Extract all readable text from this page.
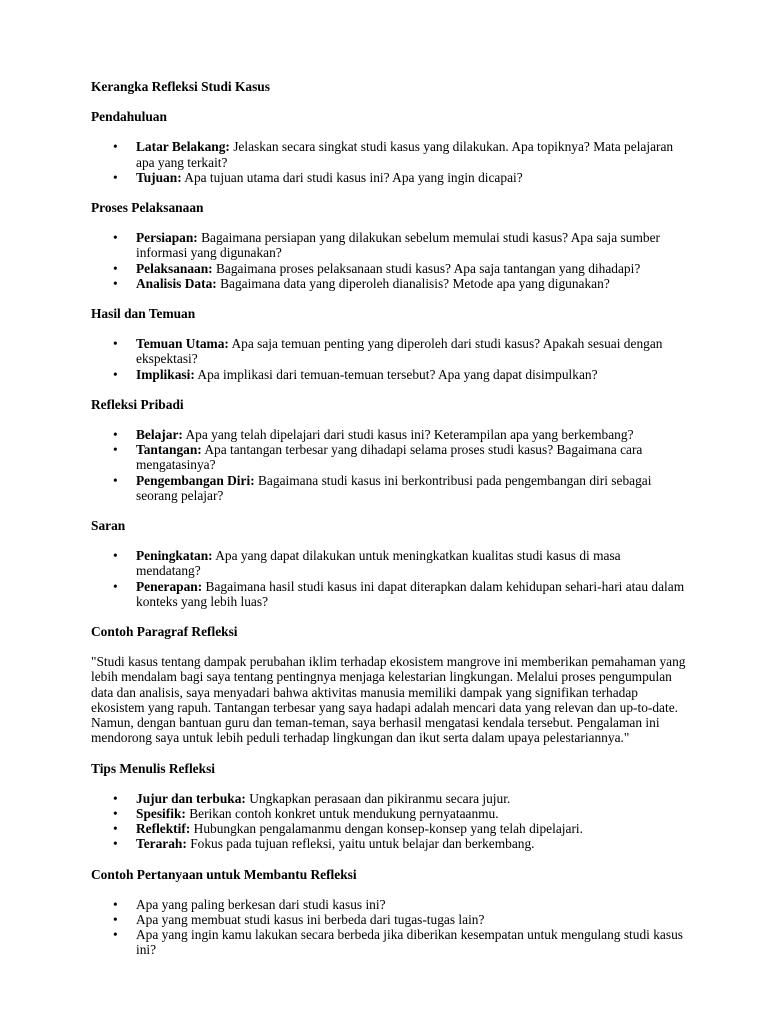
Kerangka Refleksi Studi Kasus
Pendahuluan
• Latar Belakang: Jelaskan secara singkat studi kasus yang dilakukan. Apa topiknya? Mata pelajaran apa yang terkait?
• Tujuan: Apa tujuan utama dari studi kasus ini? Apa yang ingin dicapai?
Proses Pelaksanaan
• Persiapan: Bagaimana persiapan yang dilakukan sebelum memulai studi kasus? Apa saja sumber informasi yang digunakan?
• Pelaksanaan: Bagaimana proses pelaksanaan studi kasus? Apa saja tantangan yang dihadapi?
• Analisis Data: Bagaimana data yang diperoleh dianalisis? Metode apa yang digunakan?
Hasil dan Temuan
• Temuan Utama: Apa saja temuan penting yang diperoleh dari studi kasus? Apakah sesuai dengan ekspektasi?
• Implikasi: Apa implikasi dari temuan-temuan tersebut? Apa yang dapat disimpulkan?
Refleksi Pribadi
• Belajar: Apa yang telah dipelajari dari studi kasus ini? Keterampilan apa yang berkembang?
• Tantangan: Apa tantangan terbesar yang dihadapi selama proses studi kasus? Bagaimana cara mengatasinya?
• Pengembangan Diri: Bagaimana studi kasus ini berkontribusi pada pengembangan diri sebagai seorang pelajar?
Saran
• Peningkatan: Apa yang dapat dilakukan untuk meningkatkan kualitas studi kasus di masa mendatang?
• Penerapan: Bagaimana hasil studi kasus ini dapat diterapkan dalam kehidupan sehari-hari atau dalam konteks yang lebih luas?
Contoh Paragraf Refleksi

"Studi kasus tentang dampak perubahan iklim terhadap ekosistem mangrove ini memberikan pemahaman yang lebih mendalam bagi saya tentang pentingnya menjaga kelestarian lingkungan. Melalui proses pengumpulan data dan analisis, saya menyadari bahwa aktivitas manusia memiliki dampak yang signifikan terhadap ekosistem yang rapuh. Tantangan terbesar yang saya hadapi adalah mencari data yang relevan dan up-to-date. Namun, dengan bantuan guru dan teman-teman, saya berhasil mengatasi kendala tersebut. Pengalaman ini mendorong saya untuk lebih peduli terhadap lingkungan dan ikut serta dalam upaya pelestariannya."

Tips Menulis Refleksi
• Jujur dan terbuka: Ungkapkan perasaan dan pikiranmu secara jujur.
• Spesifik: Berikan contoh konkret untuk mendukung pernyataanmu.
• Reflektif: Hubungkan pengalamanmu dengan konsep-konsep yang telah dipelajari.
• Terarah: Fokus pada tujuan refleksi, yaitu untuk belajar dan berkembang.
Contoh Pertanyaan untuk Membantu Refleksi
• Apa yang paling berkesan dari studi kasus ini?
• Apa yang membuat studi kasus ini berbeda dari tugas-tugas lain?
• Apa yang ingin kamu lakukan secara berbeda jika diberikan kesempatan untuk mengulang studi kasus ini?
